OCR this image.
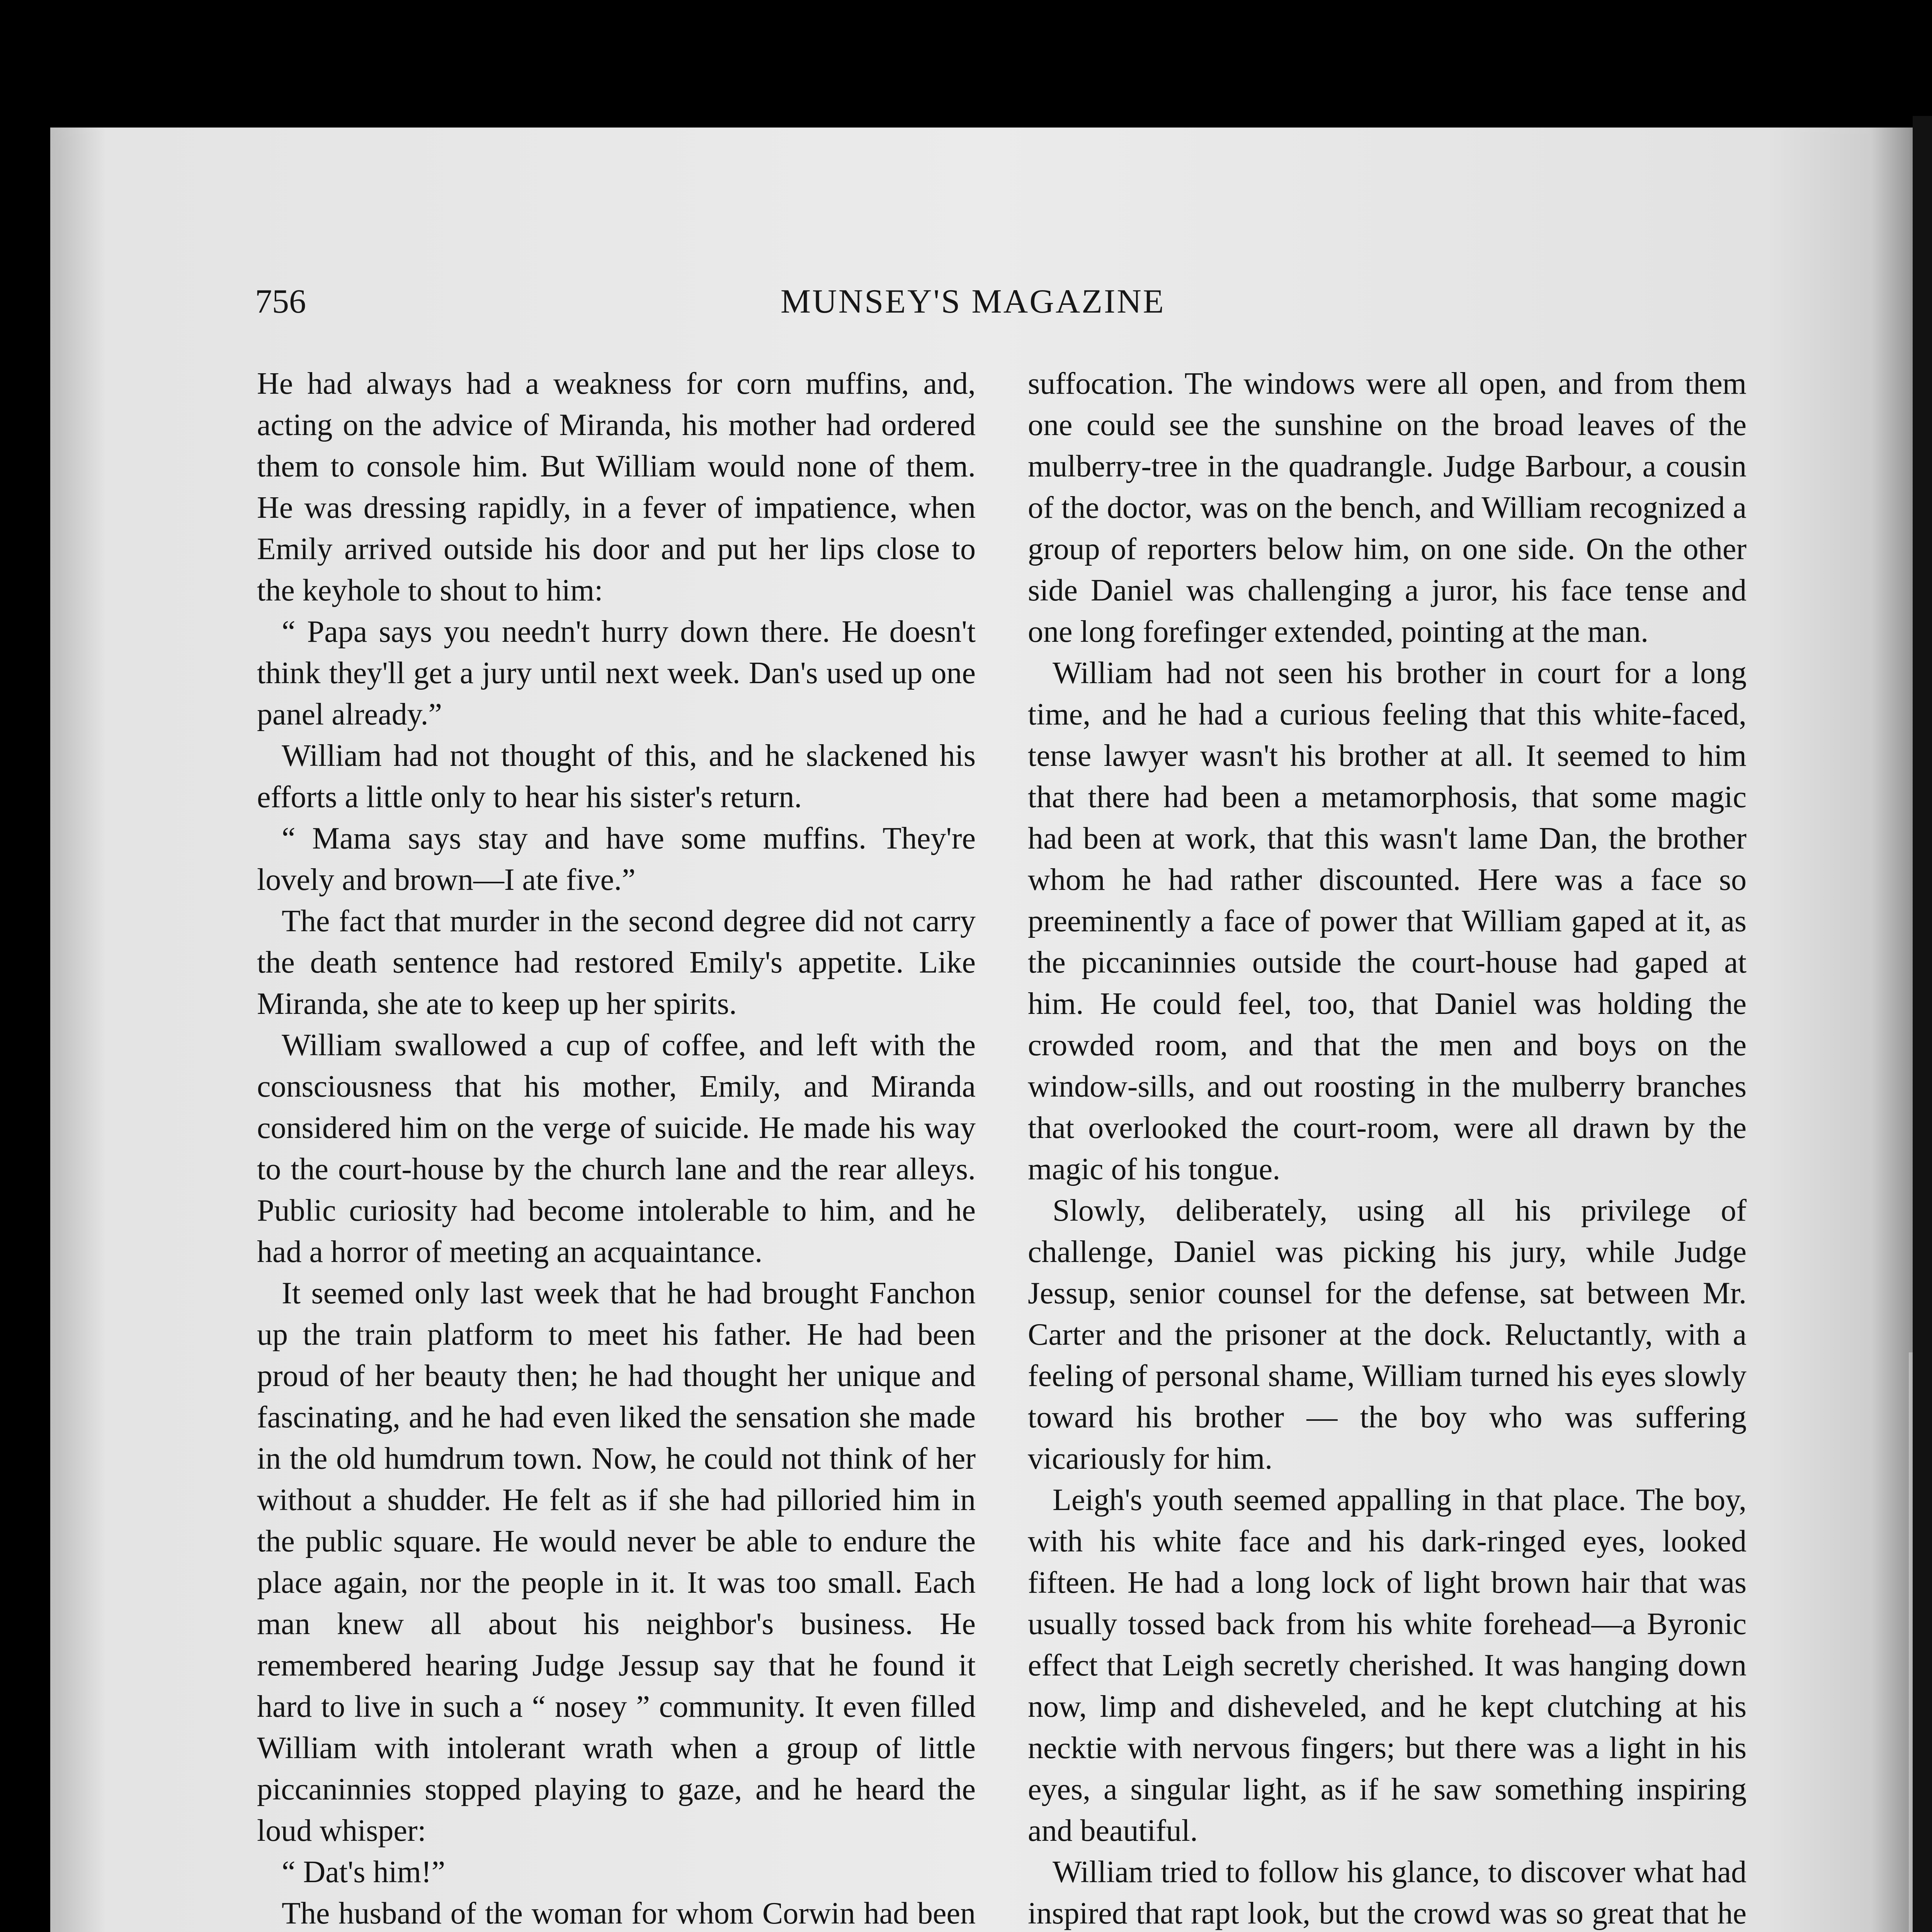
756	MUNSEY'S MAGAZINE

He had always had a weakness for corn muffins, and, acting on the advice of Miranda, his mother had ordered them to console him. But William would none of them. He was dressing rapidly, in a fever of impatience, when Emily arrived outside his door and put her lips close to the keyhole to shout to him:

“ Papa says you needn't hurry down there. He doesn't think they'll get a jury until next week. Dan's used up one panel already.”

William had not thought of this, and he slackened his efforts a little only to hear his sister's return.

“ Mama says stay and have some muffins. They're lovely and brown—I ate five.”

The fact that murder in the second degree did not carry the death sentence had restored Emily's appetite. Like Miranda, she ate to keep up her spirits.

William swallowed a cup of coffee, and left with the consciousness that his mother, Emily, and Miranda considered him on the verge of suicide. He made his way to the court-house by the church lane and the rear alleys. Public curiosity had become intolerable to him, and he had a horror of meeting an acquaintance.

It seemed only last week that he had brought Fanchon up the train platform to meet his father. He had been proud of her beauty then; he had thought her unique and fascinating, and he had even liked the sensation she made in the old humdrum town. Now, he could not think of her without a shudder. He felt as if she had pilloried him in the public square. He would never be able to endure the place again, nor the people in it. It was too small. Each man knew all about his neighbor's business. He remembered hearing Judge Jessup say that he found it hard to live in such a “ nosey ” community. It even filled William with intolerant wrath when a group of little piccaninnies stopped playing to gaze, and he heard the loud whisper:

“ Dat's him!”

The husband of the woman for whom Corwin had been

suffocation. The windows were all open, and from them one could see the sunshine on the broad leaves of the mulberry-tree in the quadrangle. Judge Barbour, a cousin of the doctor, was on the bench, and William recognized a group of reporters below him, on one side. On the other side Daniel was challenging a juror, his face tense and one long forefinger extended, pointing at the man.

William had not seen his brother in court for a long time, and he had a curious feeling that this white-faced, tense lawyer wasn't his brother at all. It seemed to him that there had been a metamorphosis, that some magic had been at work, that this wasn't lame Dan, the brother whom he had rather discounted. Here was a face so preeminently a face of power that William gaped at it, as the piccaninnies outside the court-house had gaped at him. He could feel, too, that Daniel was holding the crowded room, and that the men and boys on the window-sills, and out roosting in the mulberry branches that overlooked the court-room, were all drawn by the magic of his tongue.

Slowly, deliberately, using all his privilege of challenge, Daniel was picking his jury, while Judge Jessup, senior counsel for the defense, sat between Mr. Carter and the prisoner at the dock. Reluctantly, with a feeling of personal shame, William turned his eyes slowly toward his brother — the boy who was suffering vicariously for him.

Leigh's youth seemed appalling in that place. The boy, with his white face and his dark-ringed eyes, looked fifteen. He had a long lock of light brown hair that was usually tossed back from his white forehead—a Byronic effect that Leigh secretly cherished. It was hanging down now, limp and disheveled, and he kept clutching at his necktie with nervous fingers; but there was a light in his eyes, a singular light, as if he saw something inspiring and beautiful.

William tried to follow his glance, to discover what had inspired that rapt look, but the crowd was so great that he
